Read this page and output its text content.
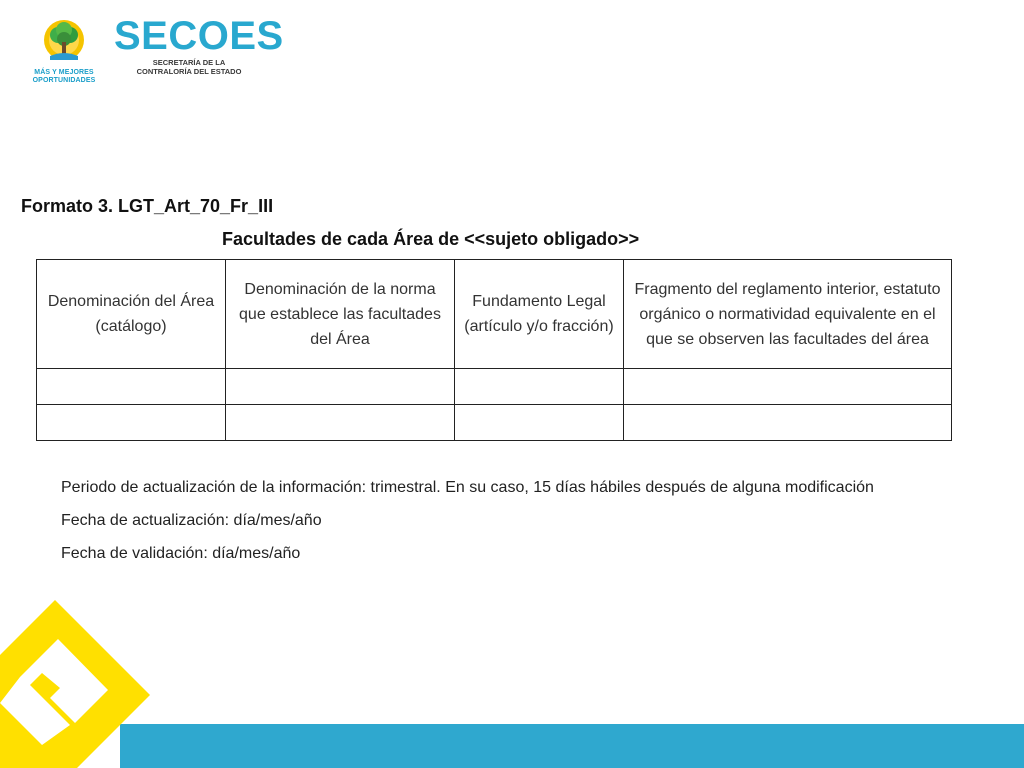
MÁS Y MEJORES
OPORTUNIDADES
SECOES
SECRETARÍA DE LA
CONTRALORÍA DEL ESTADO
Formato 3. LGT_Art_70_Fr_III
Facultades de cada Área de <<sujeto obligado>>
Denominación del Área (catálogo)	Denominación de la norma que establece las facultades del Área	Fundamento Legal (artículo y/o fracción)	Fragmento del reglamento interior, estatuto orgánico o normatividad equivalente en el que se observen las facultades del área

Periodo de actualización de la información: trimestral. En su caso, 15 días hábiles después de alguna modificación
Fecha de actualización: día/mes/año
Fecha de validación: día/mes/año
